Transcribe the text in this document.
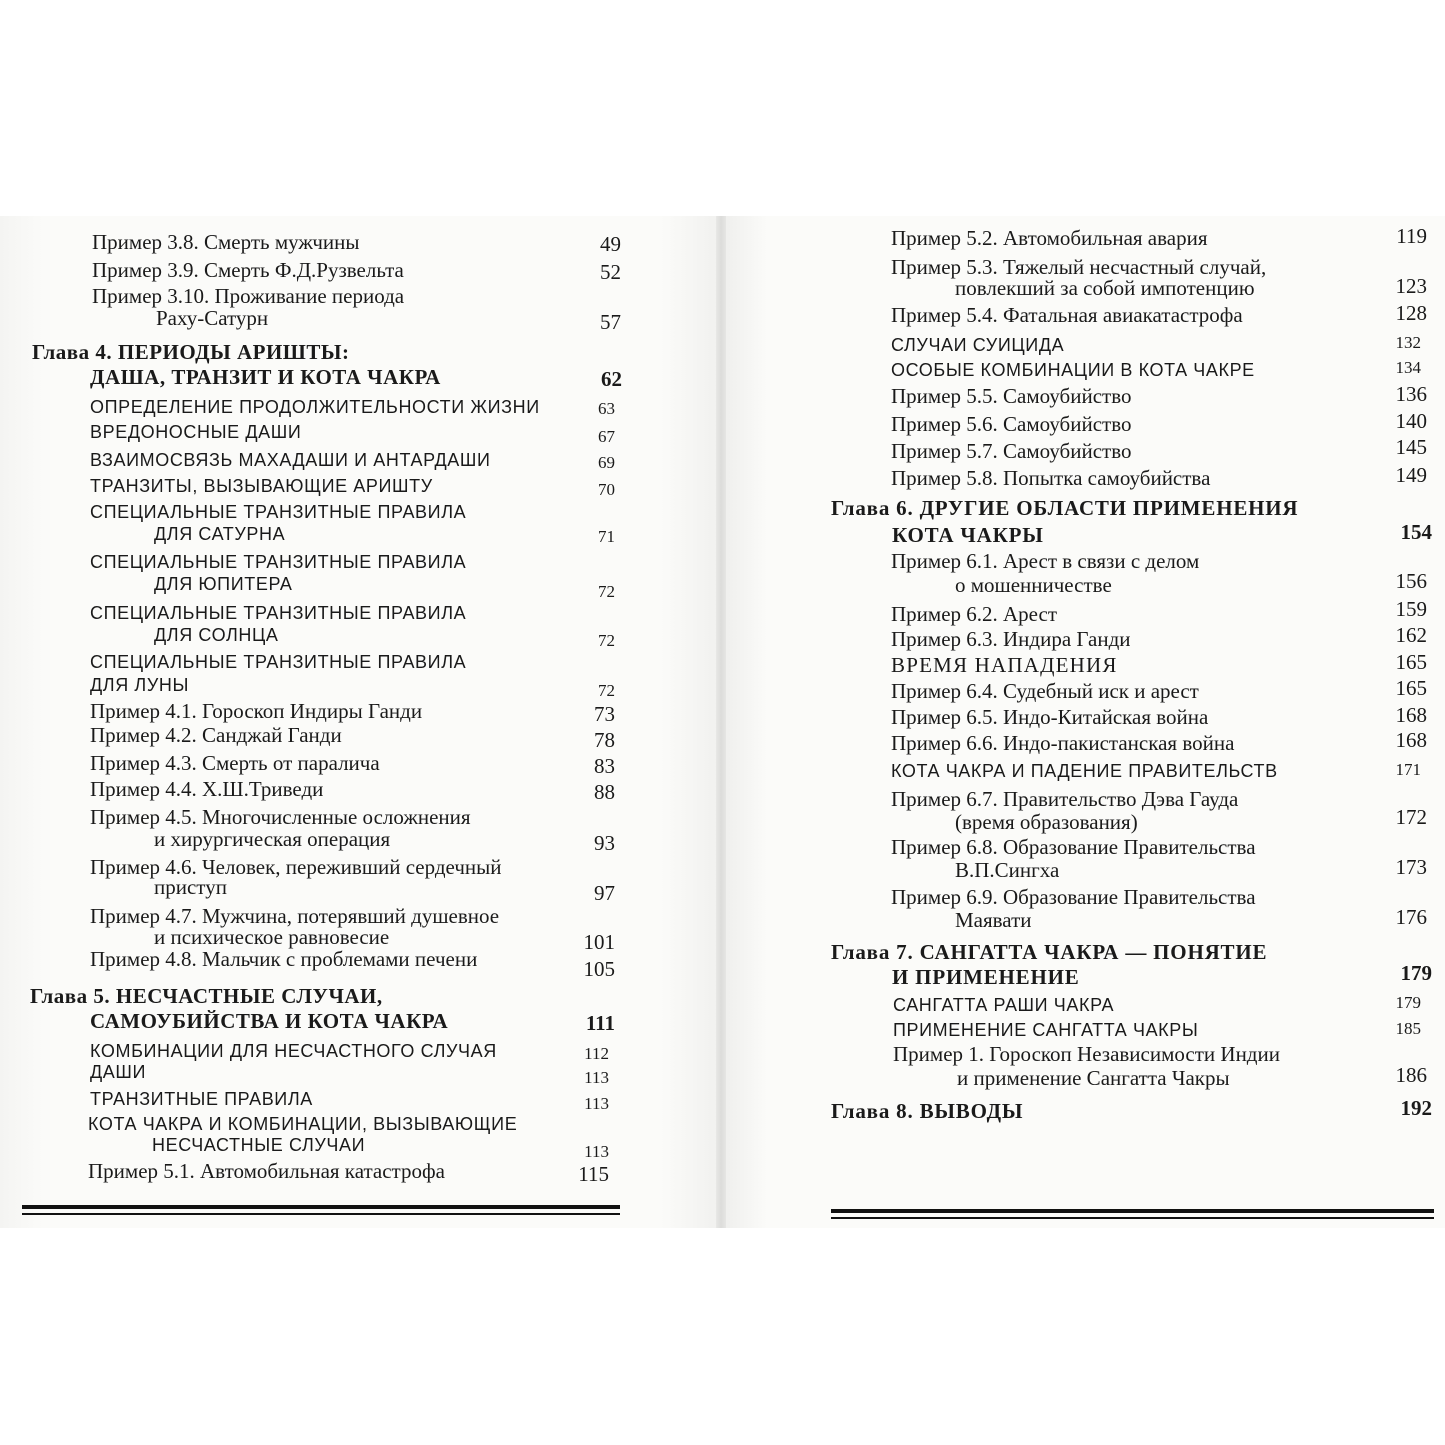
Пример 3.8. Смерть мужчины	49
Пример 3.9. Смерть Ф.Д.Рузвельта	52
Пример 3.10. Проживание периода
Раху-Сатурн	57
Глава 4. ПЕРИОДЫ АРИШТЫ:
ДАША, ТРАНЗИТ И КОТА ЧАКРА	62
ОПРЕДЕЛЕНИЕ ПРОДОЛЖИТЕЛЬНОСТИ ЖИЗНИ	63
ВРЕДОНОСНЫЕ ДАШИ	67
ВЗАИМОСВЯЗЬ МАХАДАШИ И АНТАРДАШИ	69
ТРАНЗИТЫ, ВЫЗЫВАЮЩИЕ АРИШТУ	70
СПЕЦИАЛЬНЫЕ ТРАНЗИТНЫЕ ПРАВИЛА
ДЛЯ САТУРНА	71
СПЕЦИАЛЬНЫЕ ТРАНЗИТНЫЕ ПРАВИЛА
ДЛЯ ЮПИТЕРА	72
СПЕЦИАЛЬНЫЕ ТРАНЗИТНЫЕ ПРАВИЛА
ДЛЯ СОЛНЦА	72
СПЕЦИАЛЬНЫЕ ТРАНЗИТНЫЕ ПРАВИЛА
ДЛЯ ЛУНЫ	72
Пример 4.1. Гороскоп Индиры Ганди	73
Пример 4.2. Санджай Ганди	78
Пример 4.3. Смерть от паралича	83
Пример 4.4. Х.Ш.Триведи	88
Пример 4.5. Многочисленные осложнения
и хирургическая операция	93
Пример 4.6. Человек, переживший сердечный
приступ	97
Пример 4.7. Мужчина, потерявший душевное
и психическое равновесие	101
Пример 4.8. Мальчик с проблемами печени	105
Глава 5. НЕСЧАСТНЫЕ СЛУЧАИ,
САМОУБИЙСТВА И КОТА ЧАКРА	111
КОМБИНАЦИИ ДЛЯ НЕСЧАСТНОГО СЛУЧАЯ	112
ДАШИ	113
ТРАНЗИТНЫЕ ПРАВИЛА	113
КОТА ЧАКРА И КОМБИНАЦИИ, ВЫЗЫВАЮЩИЕ
НЕСЧАСТНЫЕ СЛУЧАИ	113
Пример 5.1. Автомобильная катастрофа	115
Пример 5.2. Автомобильная авария	119
Пример 5.3. Тяжелый несчастный случай,
повлекший за собой импотенцию	123
Пример 5.4. Фатальная авиакатастрофа	128
СЛУЧАИ СУИЦИДА	132
ОСОБЫЕ КОМБИНАЦИИ В КОТА ЧАКРЕ	134
Пример 5.5. Самоубийство	136
Пример 5.6. Самоубийство	140
Пример 5.7. Самоубийство	145
Пример 5.8. Попытка самоубийства	149
Глава 6. ДРУГИЕ ОБЛАСТИ ПРИМЕНЕНИЯ
КОТА ЧАКРЫ	154
Пример 6.1. Арест в связи с делом
о мошенничестве	156
Пример 6.2. Арест	159
Пример 6.3. Индира Ганди	162
ВРЕМЯ НАПАДЕНИЯ	165
Пример 6.4. Судебный иск и арест	165
Пример 6.5. Индо-Китайская война	168
Пример 6.6. Индо-пакистанская война	168
КОТА ЧАКРА И ПАДЕНИЕ ПРАВИТЕЛЬСТВ	171
Пример 6.7. Правительство Дэва Гауда
(время образования)	172
Пример 6.8. Образование Правительства
В.П.Сингха	173
Пример 6.9. Образование Правительства
Маявати	176
Глава 7. САНГАТТА ЧАКРА — ПОНЯТИЕ
И ПРИМЕНЕНИЕ	179
САНГАТТА РАШИ ЧАКРА	179
ПРИМЕНЕНИЕ САНГАТТА ЧАКРЫ	185
Пример 1. Гороскоп Независимости Индии
и применение Сангатта Чакры	186
Глава 8. ВЫВОДЫ	192
